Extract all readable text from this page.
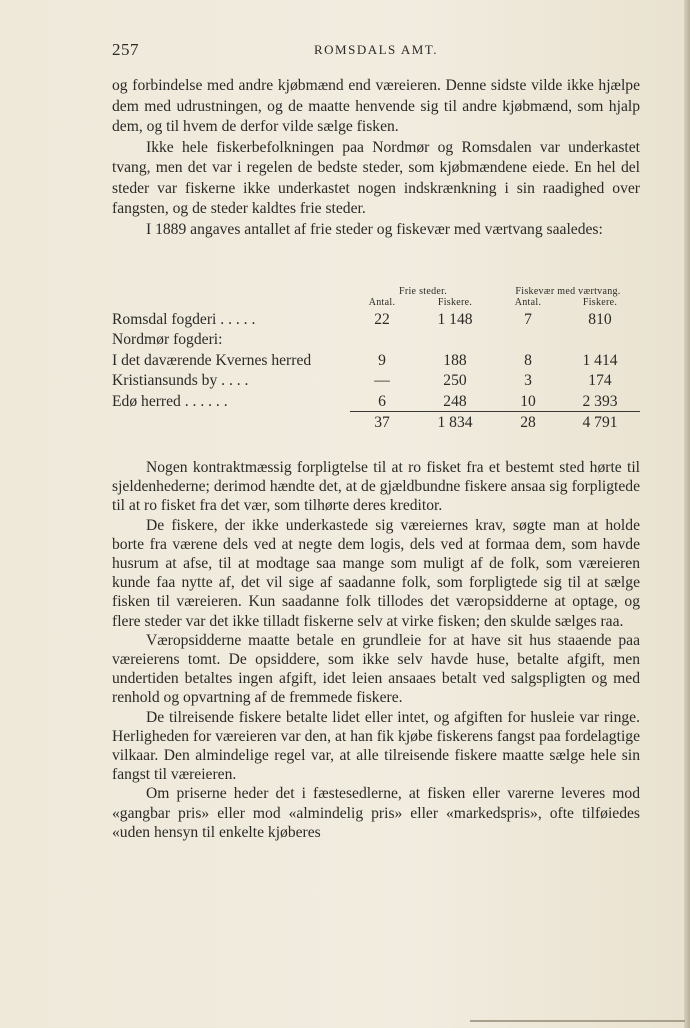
257	ROMSDALS AMT.

og forbindelse med andre kjøbmænd end væreieren. Denne sidste vilde ikke hjælpe dem med udrustningen, og de maatte henvende sig til andre kjøbmænd, som hjalp dem, og til hvem de derfor vilde sælge fisken.

Ikke hele fiskerbefolkningen paa Nordmør og Romsdalen var underkastet tvang, men det var i regelen de bedste steder, som kjøbmændene eiede. En hel del steder var fiskerne ikke underkastet nogen indskrænkning i sin raadighed over fangsten, og de steder kaldtes frie steder.

I 1889 angaves antallet af frie steder og fiskevær med værtvang saaledes:

	Frie steder.		Fiskevær med værtvang.	
	Antal.	Fiskere.	Antal.	Fiskere.
Romsdal fogderi . . . . .	22	1 148	7	810
Nordmør fogderi:				
I det daværende Kvernes herred	9	188	8	1 414
Kristiansunds by . . . .	—	250	3	174
Edø herred . . . . . .	6	248	10	2 393
	37	1 834	28	4 791

Nogen kontraktmæssig forpligtelse til at ro fisket fra et bestemt sted hørte til sjeldenhederne; derimod hændte det, at de gjældbundne fiskere ansaa sig forpligtede til at ro fisket fra det vær, som tilhørte deres kreditor.

De fiskere, der ikke underkastede sig væreiernes krav, søgte man at holde borte fra værene dels ved at negte dem logis, dels ved at formaa dem, som havde husrum at afse, til at modtage saa mange som muligt af de folk, som væreieren kunde faa nytte af, det vil sige af saadanne folk, som forpligtede sig til at sælge fisken til væreieren. Kun saadanne folk tillodes det væropsidderne at optage, og flere steder var det ikke tilladt fiskerne selv at virke fisken; den skulde sælges raa.

Væropsidderne maatte betale en grundleie for at have sit hus staaende paa væreierens tomt. De opsiddere, som ikke selv havde huse, betalte afgift, men undertiden betaltes ingen afgift, idet leien ansaaes betalt ved salgspligten og med renhold og opvartning af de fremmede fiskere.

De tilreisende fiskere betalte lidet eller intet, og afgiften for husleie var ringe. Herligheden for væreieren var den, at han fik kjøbe fiskerens fangst paa fordelagtige vilkaar. Den almindelige regel var, at alle tilreisende fiskere maatte sælge hele sin fangst til væreieren.

Om priserne heder det i fæstesedlerne, at fisken eller varerne leveres mod «gangbar pris» eller mod «almindelig pris» eller «markedspris», ofte tilføiedes «uden hensyn til enkelte kjøberes
